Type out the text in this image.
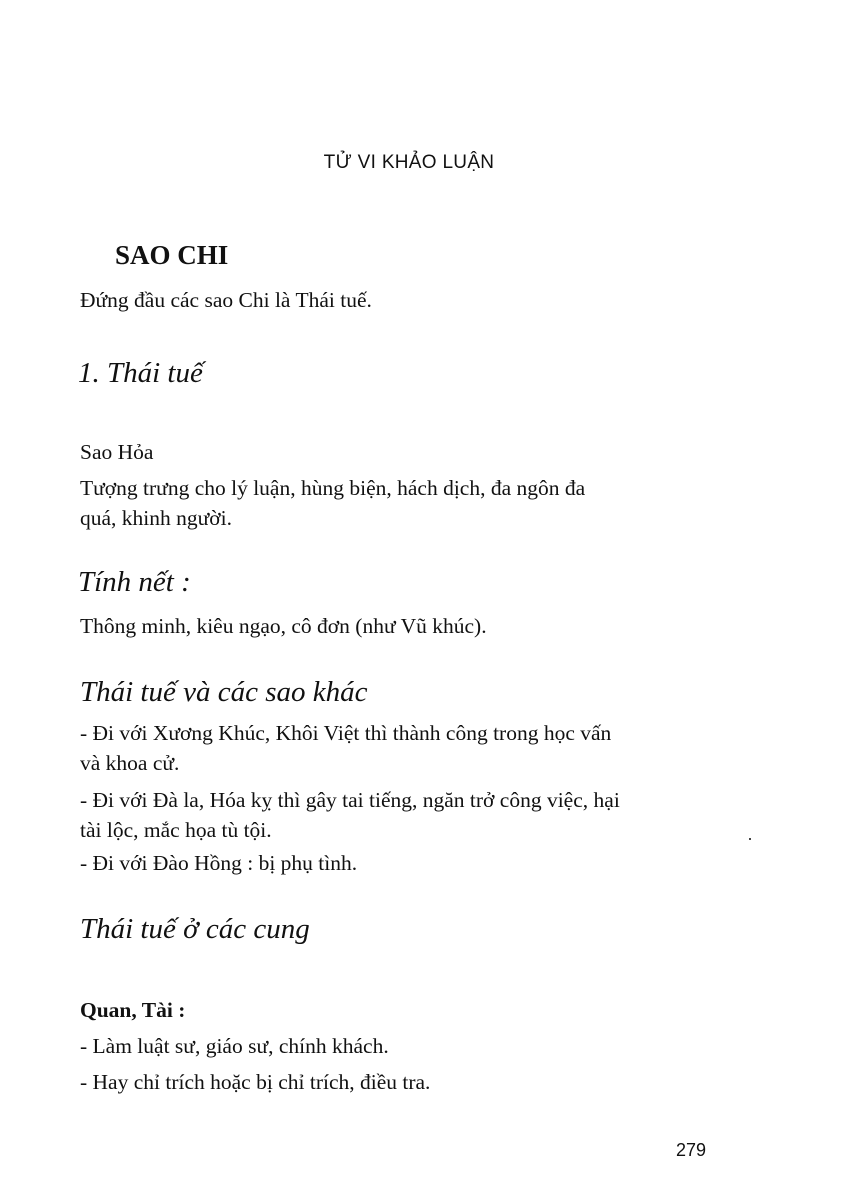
TỬ VI KHẢO LUẬN
SAO CHI
Đứng đầu các sao Chi là Thái tuế.
1. Thái tuế
Sao Hỏa
Tượng trưng cho lý luận, hùng biện, hách dịch, đa ngôn đa
quá, khinh người.
Tính nết :
Thông minh, kiêu ngạo, cô đơn (như Vũ khúc).
Thái tuế và các sao khác
- Đi với Xương Khúc, Khôi Việt thì thành công trong học vấn
và khoa cử.
- Đi với Đà la, Hóa kỵ thì gây tai tiếng, ngăn trở công việc, hại
tài lộc, mắc họa tù tội.
- Đi với Đào Hồng : bị phụ tình.
Thái tuế ở các cung
Quan, Tài :
- Làm luật sư, giáo sư, chính khách.
- Hay chỉ trích hoặc bị chỉ trích, điều tra.
279
